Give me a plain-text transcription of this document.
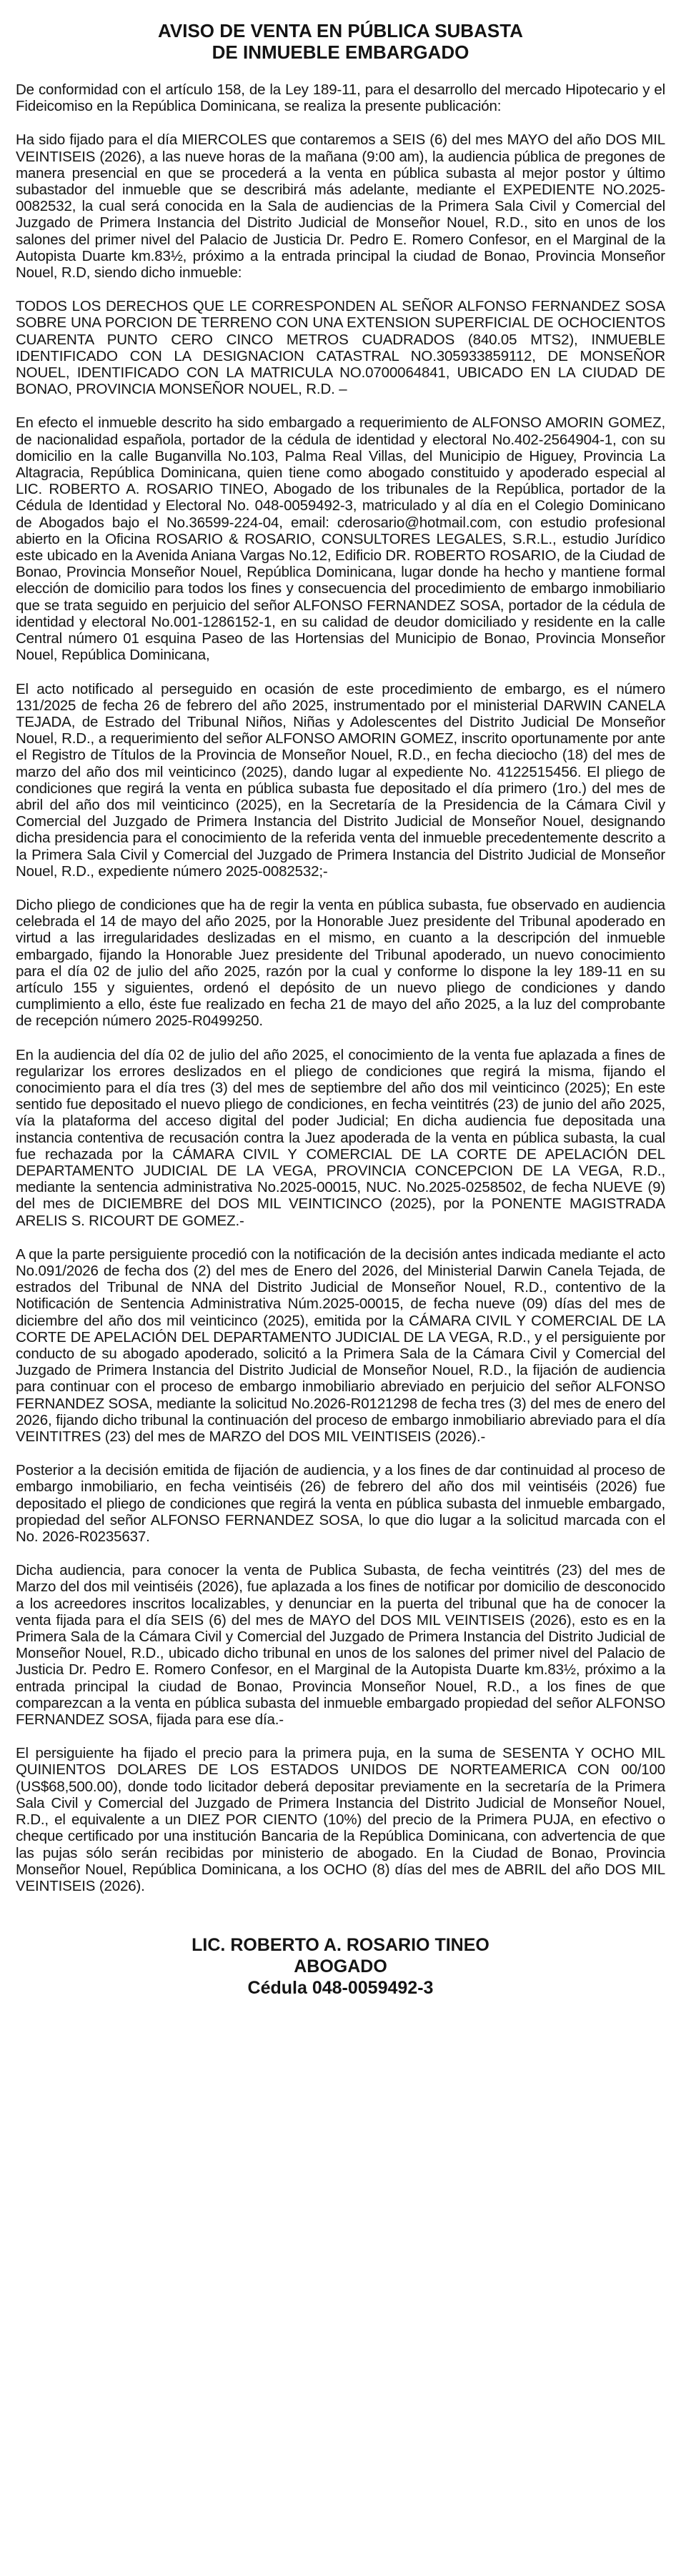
AVISO DE VENTA EN PÚBLICA SUBASTA
DE INMUEBLE EMBARGADO

De conformidad con el artículo 158, de la Ley 189-11, para el desarrollo del mercado Hipotecario y el Fideicomiso en la República Dominicana, se realiza la presente publicación:

Ha sido fijado para el día MIERCOLES que contaremos a SEIS (6) del mes MAYO del año DOS MIL VEINTISEIS (2026), a las nueve horas de la mañana (9:00 am), la audiencia pública de pregones de manera presencial en que se procederá a la venta en pública subasta al mejor postor y último subastador del inmueble que se describirá más adelante, mediante el EXPEDIENTE NO.2025-0082532, la cual será conocida en la Sala de audiencias de la Primera Sala Civil y Comercial del Juzgado de Primera Instancia del Distrito Judicial de Monseñor Nouel, R.D., sito en unos de los salones del primer nivel del Palacio de Justicia Dr. Pedro E. Romero Confesor, en el Marginal de la Autopista Duarte km.83½, próximo a la entrada principal la ciudad de Bonao, Provincia Monseñor Nouel, R.D, siendo dicho inmueble:

TODOS LOS DERECHOS QUE LE CORRESPONDEN AL SEÑOR ALFONSO FERNANDEZ SOSA SOBRE UNA PORCION DE TERRENO CON UNA EXTENSION SUPERFICIAL DE OCHOCIENTOS CUARENTA PUNTO CERO CINCO METROS CUADRADOS (840.05 MTS2), INMUEBLE IDENTIFICADO CON LA DESIGNACION CATASTRAL NO.305933859112, DE MONSEÑOR NOUEL, IDENTIFICADO CON LA MATRICULA NO.0700064841, UBICADO EN LA CIUDAD DE BONAO, PROVINCIA MONSEÑOR NOUEL, R.D. –

En efecto el inmueble descrito ha sido embargado a requerimiento de ALFONSO AMORIN GOMEZ, de nacionalidad española, portador de la cédula de identidad y electoral No.402-2564904-1, con su domicilio en la calle Buganvilla No.103, Palma Real Villas, del Municipio de Higuey, Provincia La Altagracia, República Dominicana, quien tiene como abogado constituido y apoderado especial al LIC. ROBERTO A. ROSARIO TINEO, Abogado de los tribunales de la República, portador de la Cédula de Identidad y Electoral No. 048-0059492-3, matriculado y al día en el Colegio Dominicano de Abogados bajo el No.36599-224-04, email: cderosario@hotmail.com, con estudio profesional abierto en la Oficina ROSARIO & ROSARIO, CONSULTORES LEGALES, S.R.L., estudio Jurídico este ubicado en la Avenida Aniana Vargas No.12, Edificio DR. ROBERTO ROSARIO, de la Ciudad de Bonao, Provincia Monseñor Nouel, República Dominicana, lugar donde ha hecho y mantiene formal elección de domicilio para todos los fines y consecuencia del procedimiento de embargo inmobiliario que se trata seguido en perjuicio del señor ALFONSO FERNANDEZ SOSA, portador de la cédula de identidad y electoral No.001-1286152-1, en su calidad de deudor domiciliado y residente en la calle Central número 01 esquina Paseo de las Hortensias del Municipio de Bonao, Provincia Monseñor Nouel, República Dominicana,

El acto notificado al perseguido en ocasión de este procedimiento de embargo, es el número 131/2025 de fecha 26 de febrero del año 2025, instrumentado por el ministerial DARWIN CANELA TEJADA, de Estrado del Tribunal Niños, Niñas y Adolescentes del Distrito Judicial De Monseñor Nouel, R.D., a requerimiento del señor ALFONSO AMORIN GOMEZ, inscrito oportunamente por ante el Registro de Títulos de la Provincia de Monseñor Nouel, R.D., en fecha dieciocho (18) del mes de marzo del año dos mil veinticinco (2025), dando lugar al expediente No. 4122515456. El pliego de condiciones que regirá la venta en pública subasta fue depositado el día primero (1ro.) del mes de abril del año dos mil veinticinco (2025), en la Secretaría de la Presidencia de la Cámara Civil y Comercial del Juzgado de Primera Instancia del Distrito Judicial de Monseñor Nouel, designando dicha presidencia para el conocimiento de la referida venta del inmueble precedentemente descrito a la Primera Sala Civil y Comercial del Juzgado de Primera Instancia del Distrito Judicial de Monseñor Nouel, R.D., expediente número 2025-0082532;-

Dicho pliego de condiciones que ha de regir la venta en pública subasta, fue observado en audiencia celebrada el 14 de mayo del año 2025, por la Honorable Juez presidente del Tribunal apoderado en virtud a las irregularidades deslizadas en el mismo, en cuanto a la descripción del inmueble embargado, fijando la Honorable Juez presidente del Tribunal apoderado, un nuevo conocimiento para el día 02 de julio del año 2025, razón por la cual y conforme lo dispone la ley 189-11 en su artículo 155 y siguientes, ordenó el depósito de un nuevo pliego de condiciones y dando cumplimiento a ello, éste fue realizado en fecha 21 de mayo del año 2025, a la luz del comprobante de recepción número 2025-R0499250.

En la audiencia del día 02 de julio del año 2025, el conocimiento de la venta fue aplazada a fines de regularizar los errores deslizados en el pliego de condiciones que regirá la misma, fijando el conocimiento para el día tres (3) del mes de septiembre del año dos mil veinticinco (2025); En este sentido fue depositado el nuevo pliego de condiciones, en fecha veintitrés (23) de junio del año 2025, vía la plataforma del acceso digital del poder Judicial; En dicha audiencia fue depositada una instancia contentiva de recusación contra la Juez apoderada de la venta en pública subasta, la cual fue rechazada por la CÁMARA CIVIL Y COMERCIAL DE LA CORTE DE APELACIÓN DEL DEPARTAMENTO JUDICIAL DE LA VEGA, PROVINCIA CONCEPCION DE LA VEGA, R.D., mediante la sentencia administrativa No.2025-00015, NUC. No.2025-0258502, de fecha NUEVE (9) del mes de DICIEMBRE del DOS MIL VEINTICINCO (2025), por la PONENTE MAGISTRADA ARELIS S. RICOURT DE GOMEZ.-

A que la parte persiguiente procedió con la notificación de la decisión antes indicada mediante el acto No.091/2026 de fecha dos (2) del mes de Enero del 2026, del Ministerial Darwin Canela Tejada, de estrados del Tribunal de NNA del Distrito Judicial de Monseñor Nouel, R.D., contentivo de la Notificación de Sentencia Administrativa Núm.2025-00015, de fecha nueve (09) días del mes de diciembre del año dos mil veinticinco (2025), emitida por la CÁMARA CIVIL Y COMERCIAL DE LA CORTE DE APELACIÓN DEL DEPARTAMENTO JUDICIAL DE LA VEGA, R.D., y el persiguiente por conducto de su abogado apoderado, solicitó a la Primera Sala de la Cámara Civil y Comercial del Juzgado de Primera Instancia del Distrito Judicial de Monseñor Nouel, R.D., la fijación de audiencia para continuar con el proceso de embargo inmobiliario abreviado en perjuicio del señor ALFONSO FERNANDEZ SOSA, mediante la solicitud No.2026-R0121298 de fecha tres (3) del mes de enero del 2026, fijando dicho tribunal la continuación del proceso de embargo inmobiliario abreviado para el día VEINTITRES (23) del mes de MARZO del DOS MIL VEINTISEIS (2026).-

Posterior a la decisión emitida de fijación de audiencia, y a los fines de dar continuidad al proceso de embargo inmobiliario, en fecha veintiséis (26) de febrero del año dos mil veintiséis (2026) fue depositado el pliego de condiciones que regirá la venta en pública subasta del inmueble embargado, propiedad del señor ALFONSO FERNANDEZ SOSA, lo que dio lugar a la solicitud marcada con el No. 2026-R0235637.

Dicha audiencia, para conocer la venta de Publica Subasta, de fecha veintitrés (23) del mes de Marzo del dos mil veintiséis (2026), fue aplazada a los fines de notificar por domicilio de desconocido a los acreedores inscritos localizables, y denunciar en la puerta del tribunal que ha de conocer la venta fijada para el día SEIS (6) del mes de MAYO del DOS MIL VEINTISEIS (2026), esto es en la Primera Sala de la Cámara Civil y Comercial del Juzgado de Primera Instancia del Distrito Judicial de Monseñor Nouel, R.D., ubicado dicho tribunal en unos de los salones del primer nivel del Palacio de Justicia Dr. Pedro E. Romero Confesor, en el Marginal de la Autopista Duarte km.83½, próximo a la entrada principal la ciudad de Bonao, Provincia Monseñor Nouel, R.D., a los fines de que comparezcan a la venta en pública subasta del inmueble embargado propiedad del señor ALFONSO FERNANDEZ SOSA, fijada para ese día.-

El persiguiente ha fijado el precio para la primera puja, en la suma de SESENTA Y OCHO MIL QUINIENTOS DOLARES DE LOS ESTADOS UNIDOS DE NORTEAMERICA CON 00/100 (US$68,500.00), donde todo licitador deberá depositar previamente en la secretaría de la Primera Sala Civil y Comercial del Juzgado de Primera Instancia del Distrito Judicial de Monseñor Nouel, R.D., el equivalente a un DIEZ POR CIENTO (10%) del precio de la Primera PUJA, en efectivo o cheque certificado por una institución Bancaria de la República Dominicana, con advertencia de que las pujas sólo serán recibidas por ministerio de abogado. En la Ciudad de Bonao, Provincia Monseñor Nouel, República Dominicana, a los OCHO (8) días del mes de ABRIL del año DOS MIL VEINTISEIS (2026).

LIC. ROBERTO A. ROSARIO TINEO
ABOGADO
Cédula 048-0059492-3
